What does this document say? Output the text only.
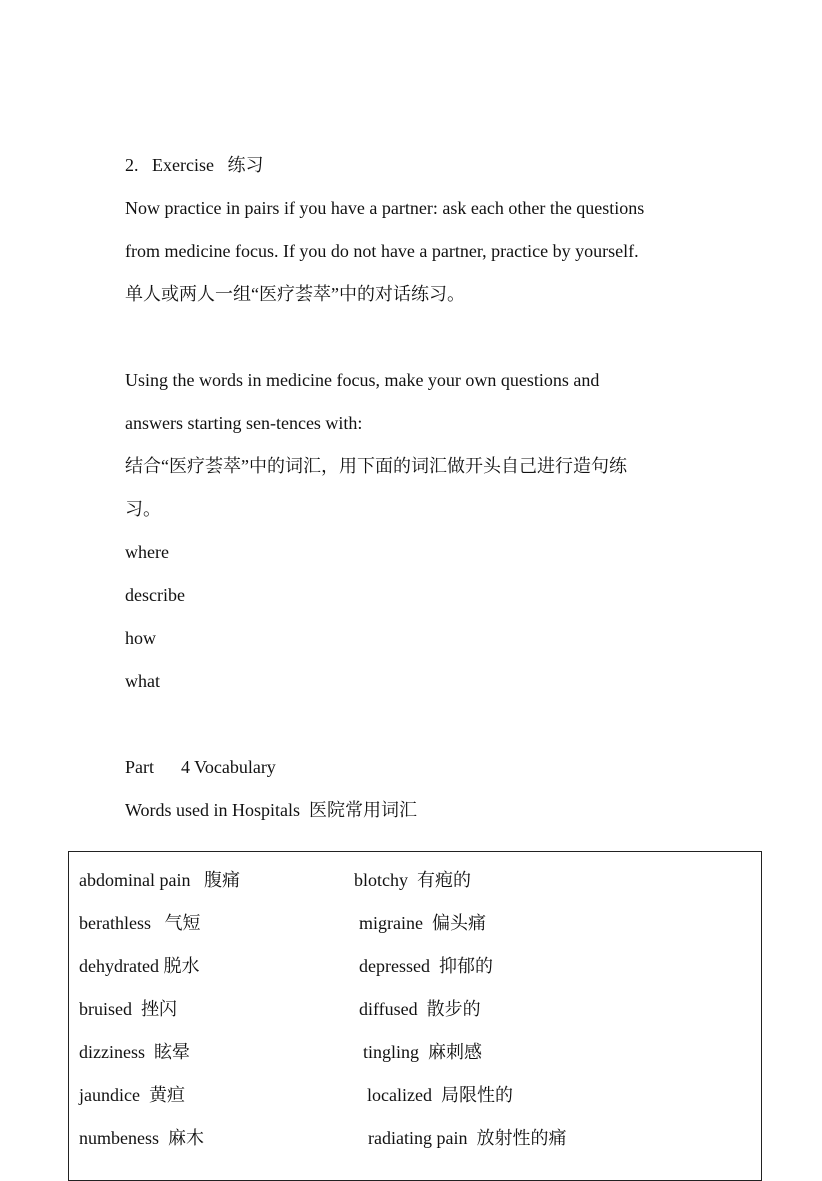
2.   Exercise   练习
Now practice in pairs if you have a partner: ask each other the questions
from medicine focus. If you do not have a partner, practice by yourself.
单人或两人一组“医疗荟萃”中的对话练习。
Using the words in medicine focus, make your own questions and
answers starting sen-tences with:
结合“医疗荟萃”中的词汇，用下面的词汇做开头自己进行造句练
习。
where
describe
how
what
Part      4 Vocabulary
Words used in Hospitals  医院常用词汇
abdominal pain   腹痛
berathless   气短
dehydrated 脱水
bruised  挫闪
dizziness  眩晕
jaundice  黄疸
numbeness  麻木
blotchy  有疱的
migraine  偏头痛
depressed  抑郁的
diffused  散步的
tingling  麻刺感
localized  局限性的
radiating pain  放射性的痛
